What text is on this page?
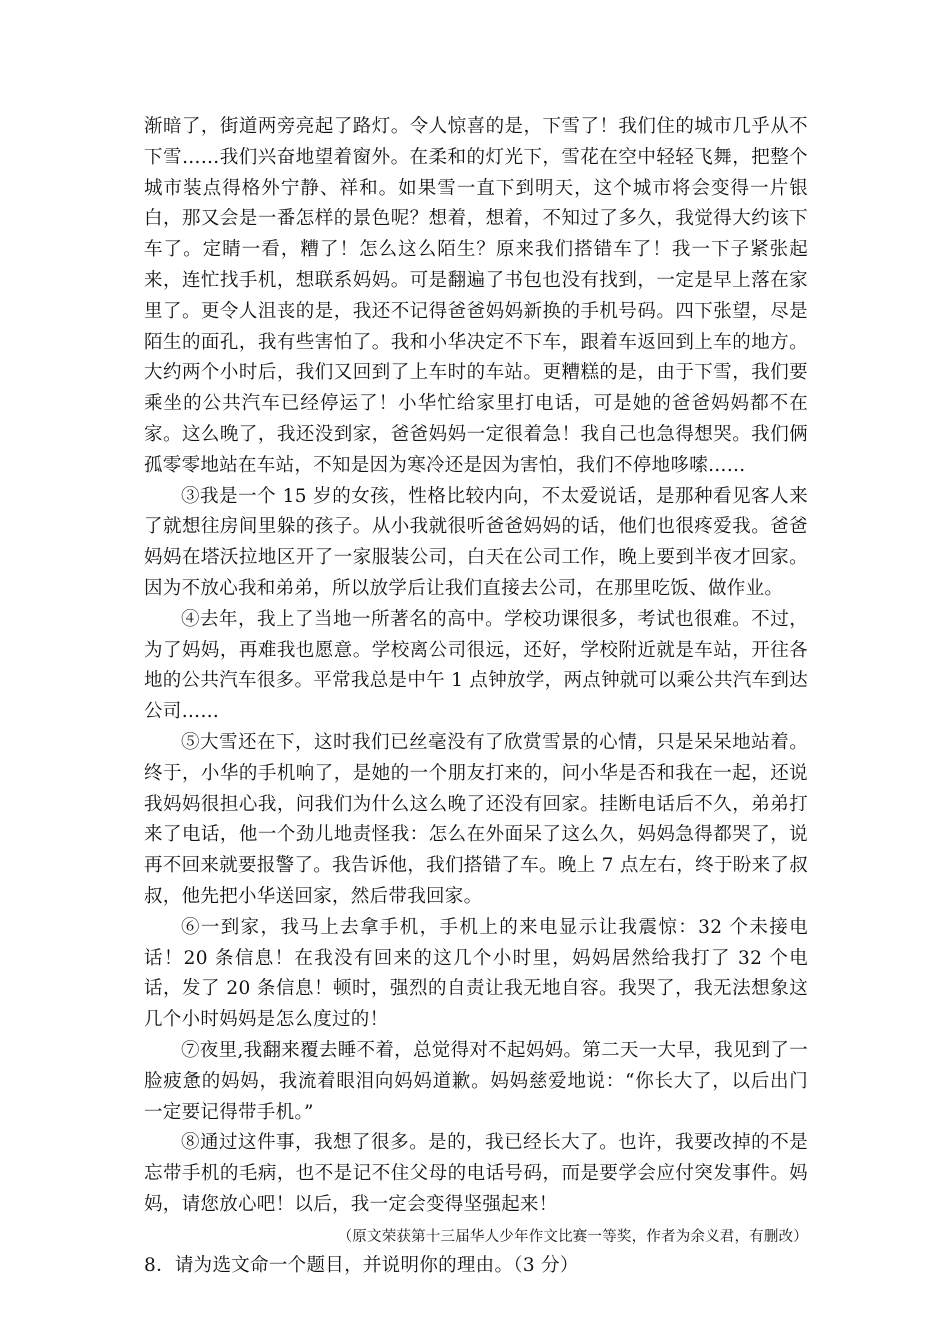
渐暗了，街道两旁亮起了路灯。令人惊喜的是，下雪了！我们住的城市几乎从不下雪……我们兴奋地望着窗外。在柔和的灯光下，雪花在空中轻轻飞舞，把整个城市装点得格外宁静、祥和。如果雪一直下到明天，这个城市将会变得一片银白，那又会是一番怎样的景色呢？想着，想着，不知过了多久，我觉得大约该下车了。定睛一看，糟了！怎么这么陌生？原来我们搭错车了！我一下子紧张起来，连忙找手机，想联系妈妈。可是翻遍了书包也没有找到，一定是早上落在家里了。更令人沮丧的是，我还不记得爸爸妈妈新换的手机号码。四下张望，尽是陌生的面孔，我有些害怕了。我和小华决定不下车，跟着车返回到上车的地方。大约两个小时后，我们又回到了上车时的车站。更糟糕的是，由于下雪，我们要乘坐的公共汽车已经停运了！小华忙给家里打电话，可是她的爸爸妈妈都不在家。这么晚了，我还没到家，爸爸妈妈一定很着急！我自己也急得想哭。我们俩孤零零地站在车站，不知是因为寒冷还是因为害怕，我们不停地哆嗦……

③我是一个 15 岁的女孩，性格比较内向，不太爱说话，是那种看见客人来了就想往房间里躲的孩子。从小我就很听爸爸妈妈的话，他们也很疼爱我。爸爸妈妈在塔沃拉地区开了一家服装公司，白天在公司工作，晚上要到半夜才回家。因为不放心我和弟弟，所以放学后让我们直接去公司，在那里吃饭、做作业。

④去年，我上了当地一所著名的高中。学校功课很多，考试也很难。不过，为了妈妈，再难我也愿意。学校离公司很远，还好，学校附近就是车站，开往各地的公共汽车很多。平常我总是中午 1 点钟放学，两点钟就可以乘公共汽车到达公司……

⑤大雪还在下，这时我们已丝毫没有了欣赏雪景的心情，只是呆呆地站着。终于，小华的手机响了，是她的一个朋友打来的，问小华是否和我在一起，还说我妈妈很担心我，问我们为什么这么晚了还没有回家。挂断电话后不久，弟弟打来了电话，他一个劲儿地责怪我：怎么在外面呆了这么久，妈妈急得都哭了，说再不回来就要报警了。我告诉他，我们搭错了车。晚上 7 点左右，终于盼来了叔叔，他先把小华送回家，然后带我回家。

⑥一到家，我马上去拿手机，手机上的来电显示让我震惊：32 个未接电话！20 条信息！在我没有回来的这几个小时里，妈妈居然给我打了 32 个电话，发了 20 条信息！顿时，强烈的自责让我无地自容。我哭了，我无法想象这几个小时妈妈是怎么度过的！

⑦夜里,我翻来覆去睡不着，总觉得对不起妈妈。第二天一大早，我见到了一脸疲惫的妈妈，我流着眼泪向妈妈道歉。妈妈慈爱地说：“你长大了，以后出门一定要记得带手机。”

⑧通过这件事，我想了很多。是的，我已经长大了。也许，我要改掉的不是忘带手机的毛病，也不是记不住父母的电话号码，而是要学会应付突发事件。妈妈，请您放心吧！以后，我一定会变得坚强起来！

（原文荣获第十三届华人少年作文比赛一等奖，作者为余义君，有删改）

8．请为选文命一个题目，并说明你的理由。（3 分）
